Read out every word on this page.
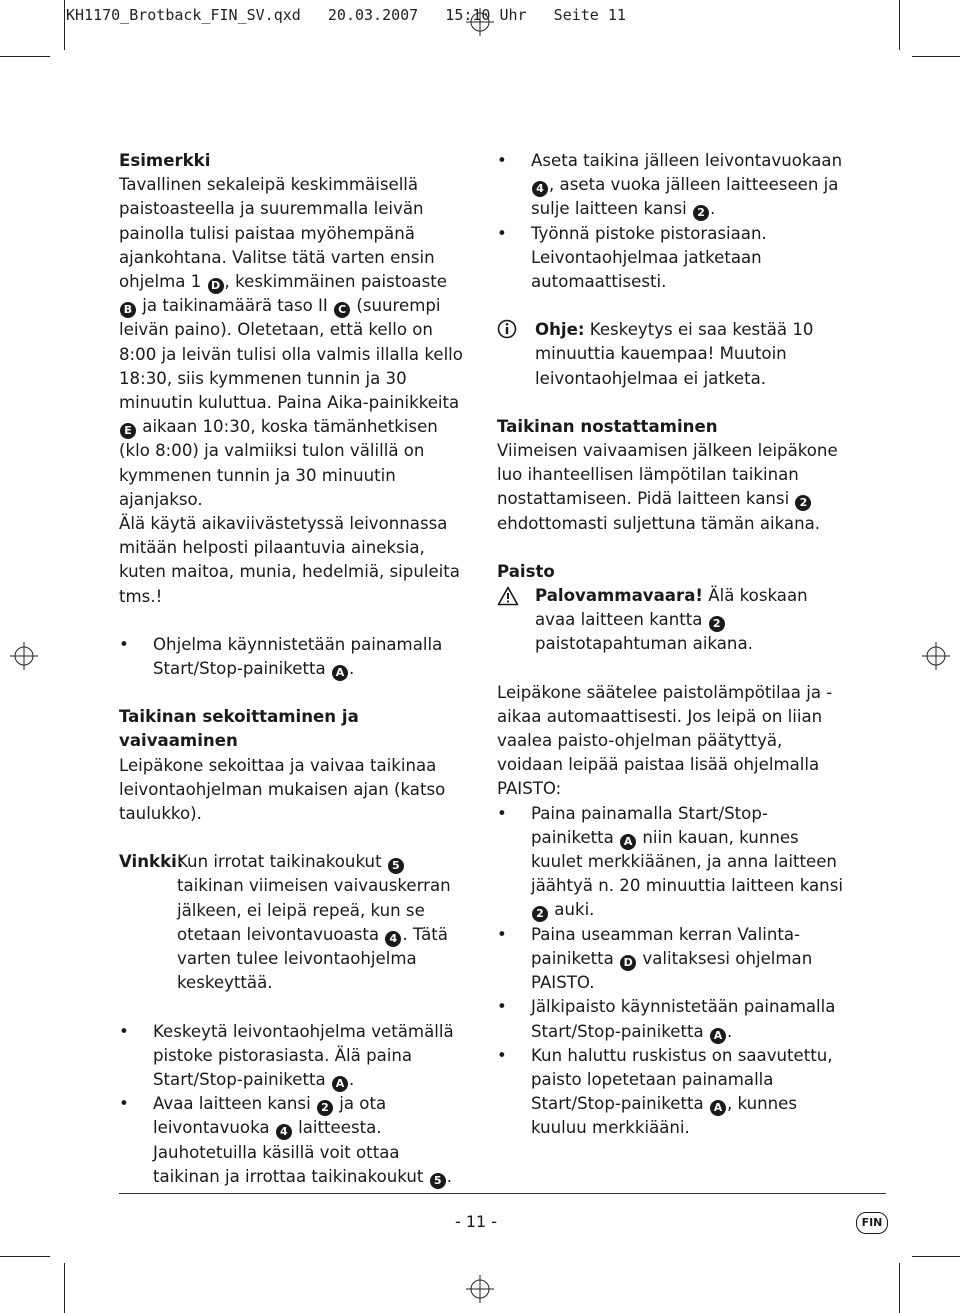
KH1170_Brotback_FIN_SV.qxd   20.03.2007   15:10 Uhr   Seite 11

Esimerkki

Tavallinen sekaleipä keskimmäisellä paistoasteella ja suuremmalla leivän painolla tulisi paistaa myöhempänä ajankohtana. Valitse tätä varten ensin ohjelma 1 D , keskimmäinen paistoaste B ja taikinamäärä taso II C (suurempi leivän paino). Oletetaan, että kello on 8:00 ja leivän tulisi olla valmis illalla kello 18:30, siis kymmenen tunnin ja 30 minuutin kuluttua. Paina Aika-painikkeita E aikaan 10:30, koska tämänhetkisen (klo 8:00) ja valmiiksi tulon välillä on kymmenen tunnin ja 30 minuutin ajanjakso.

Älä käytä aikaviivästetyssä leivonnassa mitään helposti pilaantuvia aineksia, kuten maitoa, munia, hedelmiä, sipuleita tms.!

• Ohjelma käynnistetään painamalla Start/Stop-painiketta A .

Taikinan sekoittaminen ja vaivaaminen

Leipäkone sekoittaa ja vaivaa taikinaa leivontaohjelman mukaisen ajan (katso taulukko).

Vinkki:
Kun irrotat taikinakoukut 5 taikinan viimeisen vaivauskerran jälkeen, ei leipä repeä, kun se otetaan leivontavuoasta 4 . Tätä varten tulee leivontaohjelma keskeyttää.

• Keskeytä leivontaohjelma vetämällä pistoke pistorasiasta. Älä paina Start/Stop-painiketta A .

• Avaa laitteen kansi 2 ja ota leivontavuoka 4 laitteesta. Jauhotetuilla käsillä voit ottaa taikinan ja irrottaa taikinakoukut 5 .

• Aseta taikina jälleen leivontavuokaan 4 , aseta vuoka jälleen laitteeseen ja sulje laitteen kansi 2 .

• Työnnä pistoke pistorasiaan. Leivontaohjelmaa jatketaan automaattisesti.

Ohje: Keskeytys ei saa kestää 10 minuuttia kauempaa! Muutoin leivontaohjelmaa ei jatketa.

Taikinan nostattaminen

Viimeisen vaivaamisen jälkeen leipäkone luo ihanteellisen lämpötilan taikinan nostattamiseen. Pidä laitteen kansi 2 ehdottomasti suljettuna tämän aikana.

Paisto

Palovammavaara! Älä koskaan avaa laitteen kantta 2 paistotapahtuman aikana.

Leipäkone säätelee paistolämpötilaa ja -aikaa automaattisesti. Jos leipä on liian vaalea paisto-ohjelman päätyttyä, voidaan leipää paistaa lisää ohjelmalla PAISTO:

• Paina painamalla Start/Stop-painiketta A niin kauan, kunnes kuulet merkkiäänen, ja anna laitteen jäähtyä n. 20 minuuttia laitteen kansi 2 auki.

• Paina useamman kerran Valinta-painiketta D valitaksesi ohjelman PAISTO.

• Jälkipaisto käynnistetään painamalla Start/Stop-painiketta A .

• Kun haluttu ruskistus on saavutettu, paisto lopetetaan painamalla Start/Stop-painiketta A , kunnes kuuluu merkkiääni.

- 11 -	FIN
